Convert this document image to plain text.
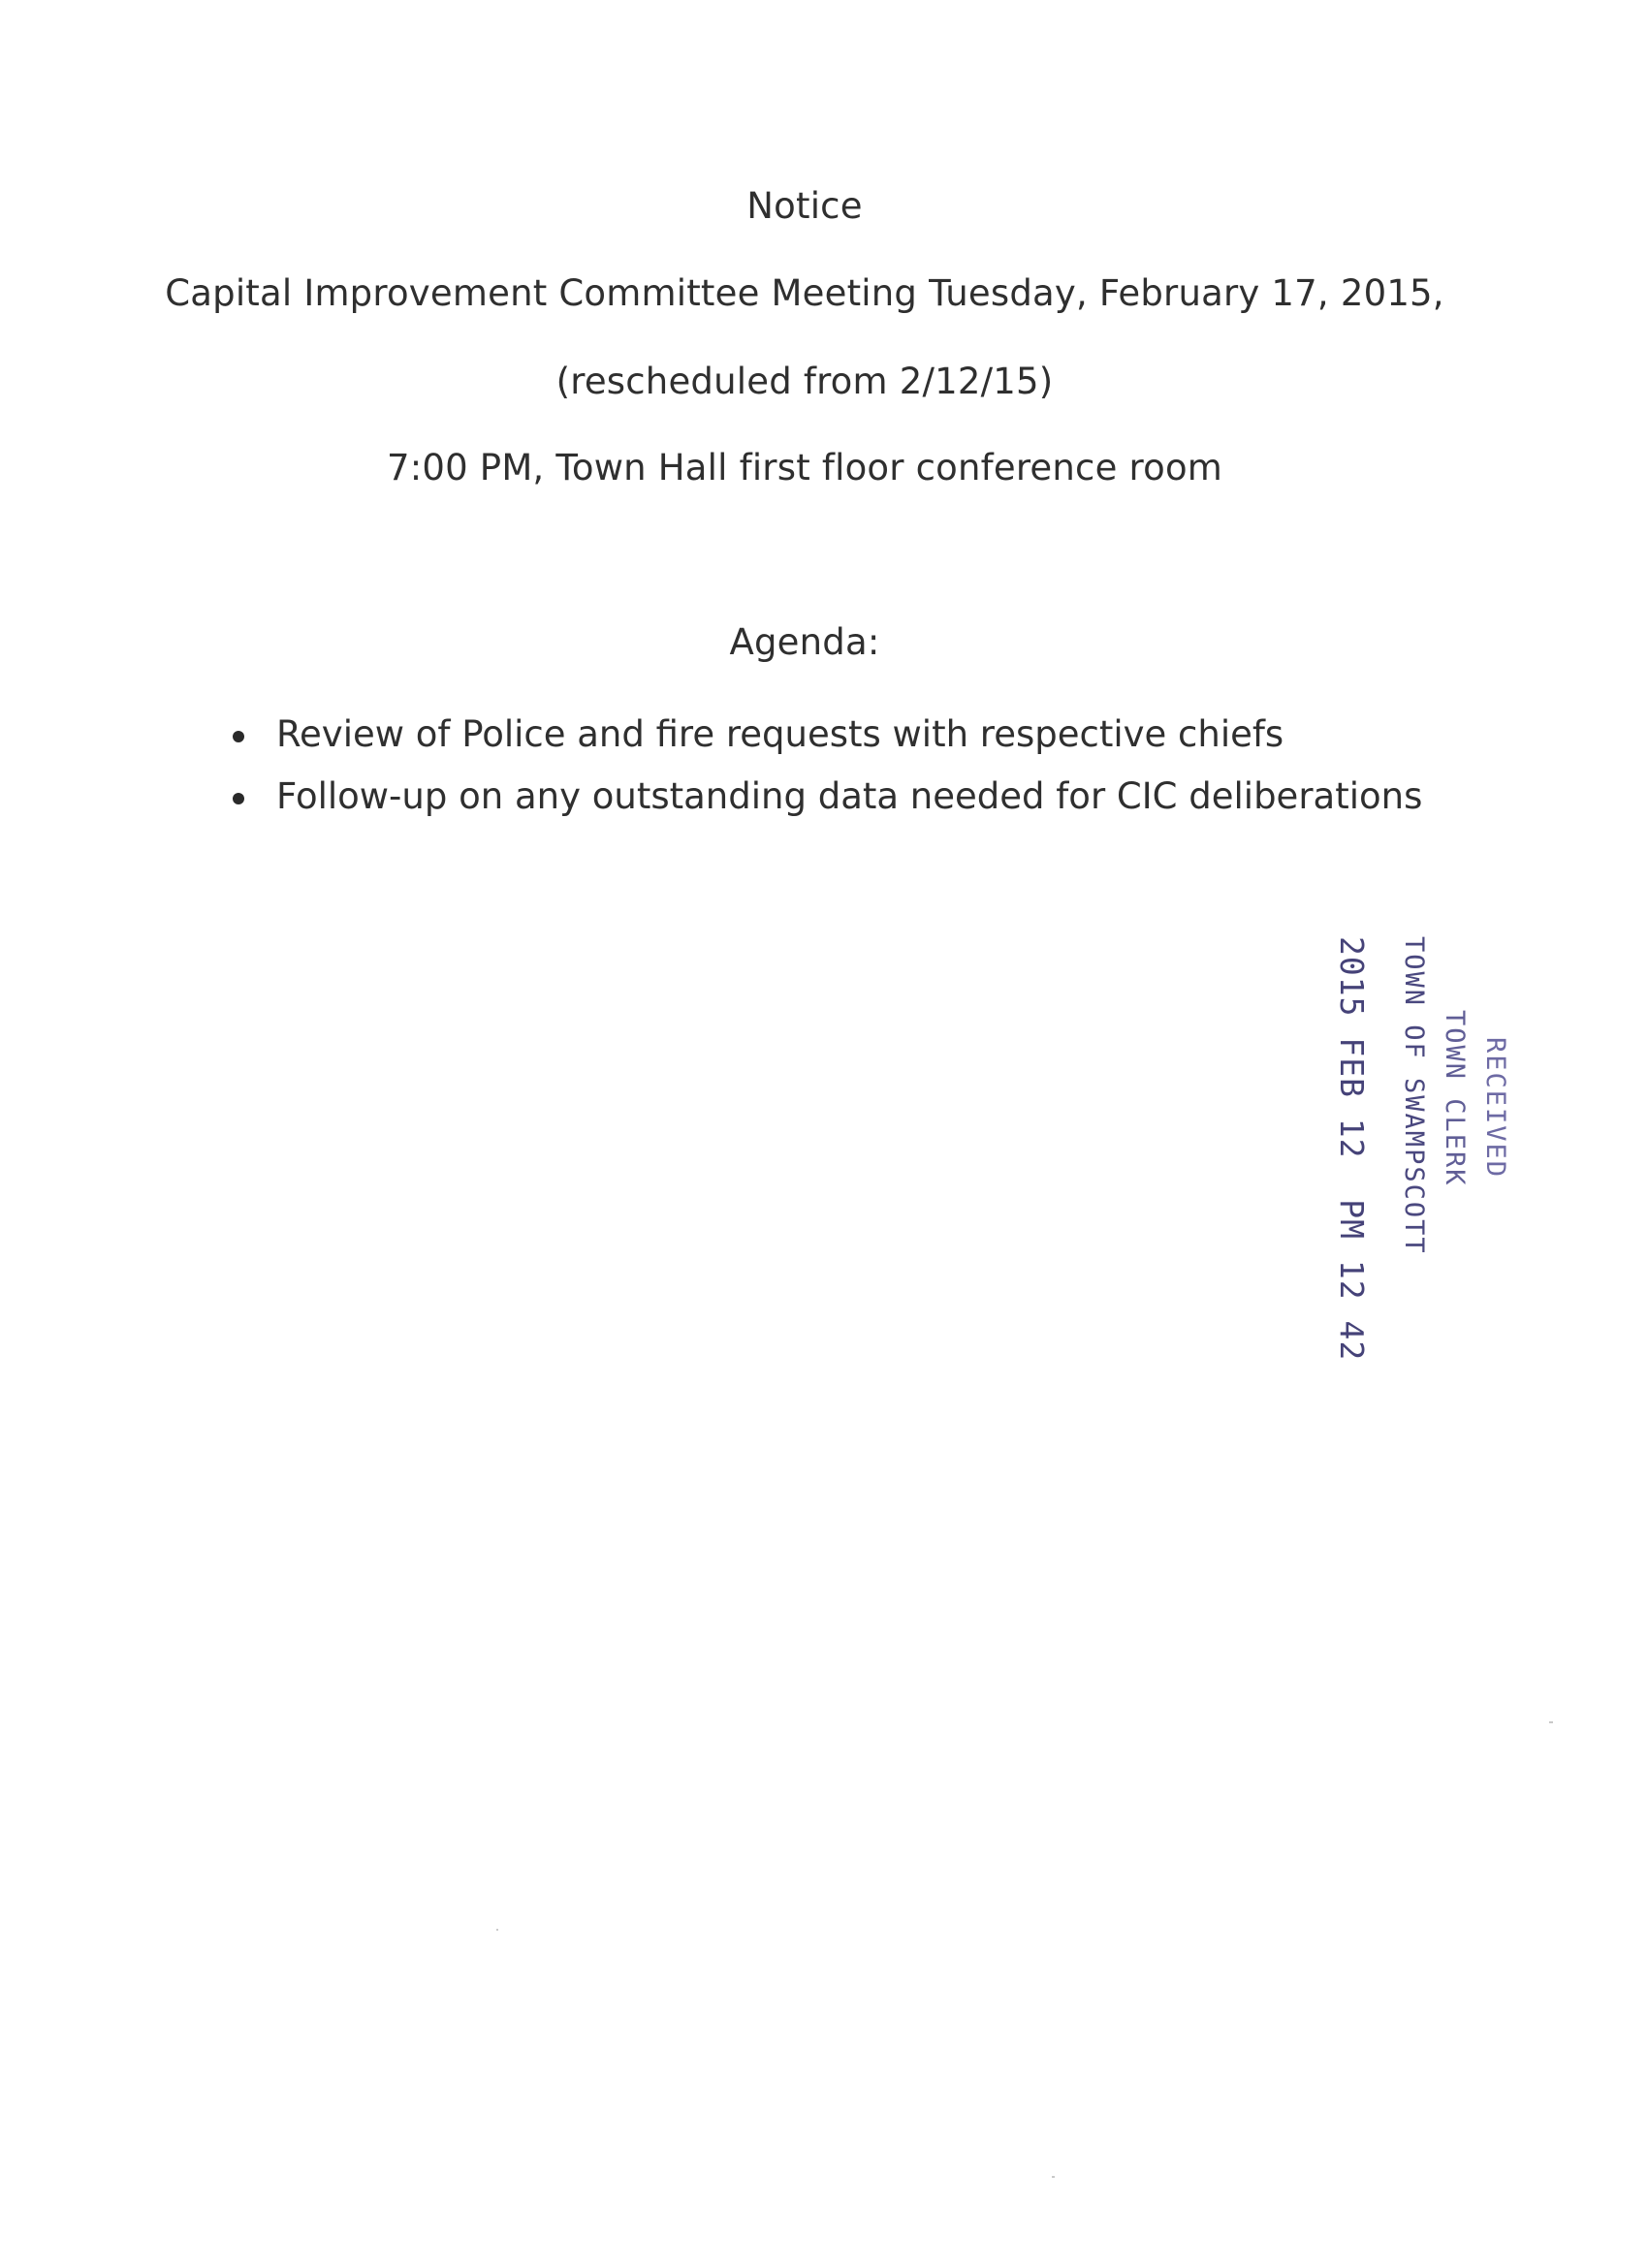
Notice
Capital Improvement Committee Meeting Tuesday, February 17, 2015,
(rescheduled from 2/12/15)
7:00 PM, Town Hall first floor conference room
Agenda:
Review of Police and fire requests with respective chiefs
Follow-up on any outstanding data needed for CIC deliberations
RECEIVED
TOWN CLERK
TOWN OF SWAMPSCOTT
2015 FEB 12  PM 12 42
